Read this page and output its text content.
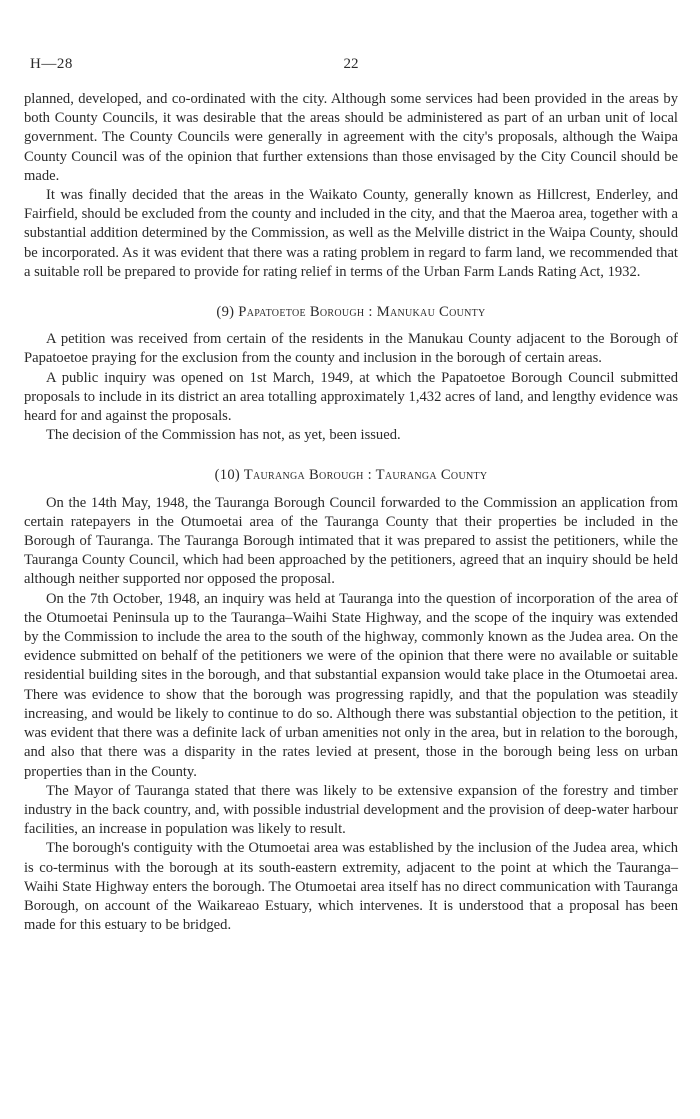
H—28	22

planned, developed, and co-ordinated with the city. Although some services had been provided in the areas by both County Councils, it was desirable that the areas should be administered as part of an urban unit of local government. The County Councils were generally in agreement with the city's proposals, although the Waipa County Council was of the opinion that further extensions than those envisaged by the City Council should be made.

It was finally decided that the areas in the Waikato County, generally known as Hillcrest, Enderley, and Fairfield, should be excluded from the county and included in the city, and that the Maeroa area, together with a substantial addition determined by the Commission, as well as the Melville district in the Waipa County, should be incorporated. As it was evident that there was a rating problem in regard to farm land, we recommended that a suitable roll be prepared to provide for rating relief in terms of the Urban Farm Lands Rating Act, 1932.

(9) Papatoetoe Borough : Manukau County

A petition was received from certain of the residents in the Manukau County adjacent to the Borough of Papatoetoe praying for the exclusion from the county and inclusion in the borough of certain areas.

A public inquiry was opened on 1st March, 1949, at which the Papatoetoe Borough Council submitted proposals to include in its district an area totalling approximately 1,432 acres of land, and lengthy evidence was heard for and against the proposals.

The decision of the Commission has not, as yet, been issued.

(10) Tauranga Borough : Tauranga County

On the 14th May, 1948, the Tauranga Borough Council forwarded to the Commission an application from certain ratepayers in the Otumoetai area of the Tauranga County that their properties be included in the Borough of Tauranga. The Tauranga Borough intimated that it was prepared to assist the petitioners, while the Tauranga County Council, which had been approached by the petitioners, agreed that an inquiry should be held although neither supported nor opposed the proposal.

On the 7th October, 1948, an inquiry was held at Tauranga into the question of incorporation of the area of the Otumoetai Peninsula up to the Tauranga–Waihi State Highway, and the scope of the inquiry was extended by the Commission to include the area to the south of the highway, commonly known as the Judea area. On the evidence submitted on behalf of the petitioners we were of the opinion that there were no available or suitable residential building sites in the borough, and that substantial expansion would take place in the Otumoetai area. There was evidence to show that the borough was progressing rapidly, and that the population was steadily increasing, and would be likely to continue to do so. Although there was substantial objection to the petition, it was evident that there was a definite lack of urban amenities not only in the area, but in relation to the borough, and also that there was a disparity in the rates levied at present, those in the borough being less on urban properties than in the County.

The Mayor of Tauranga stated that there was likely to be extensive expansion of the forestry and timber industry in the back country, and, with possible industrial development and the provision of deep-water harbour facilities, an increase in population was likely to result.

The borough's contiguity with the Otumoetai area was established by the inclusion of the Judea area, which is co-terminus with the borough at its south-eastern extremity, adjacent to the point at which the Tauranga–Waihi State Highway enters the borough. The Otumoetai area itself has no direct communication with Tauranga Borough, on account of the Waikareao Estuary, which intervenes. It is understood that a proposal has been made for this estuary to be bridged.
